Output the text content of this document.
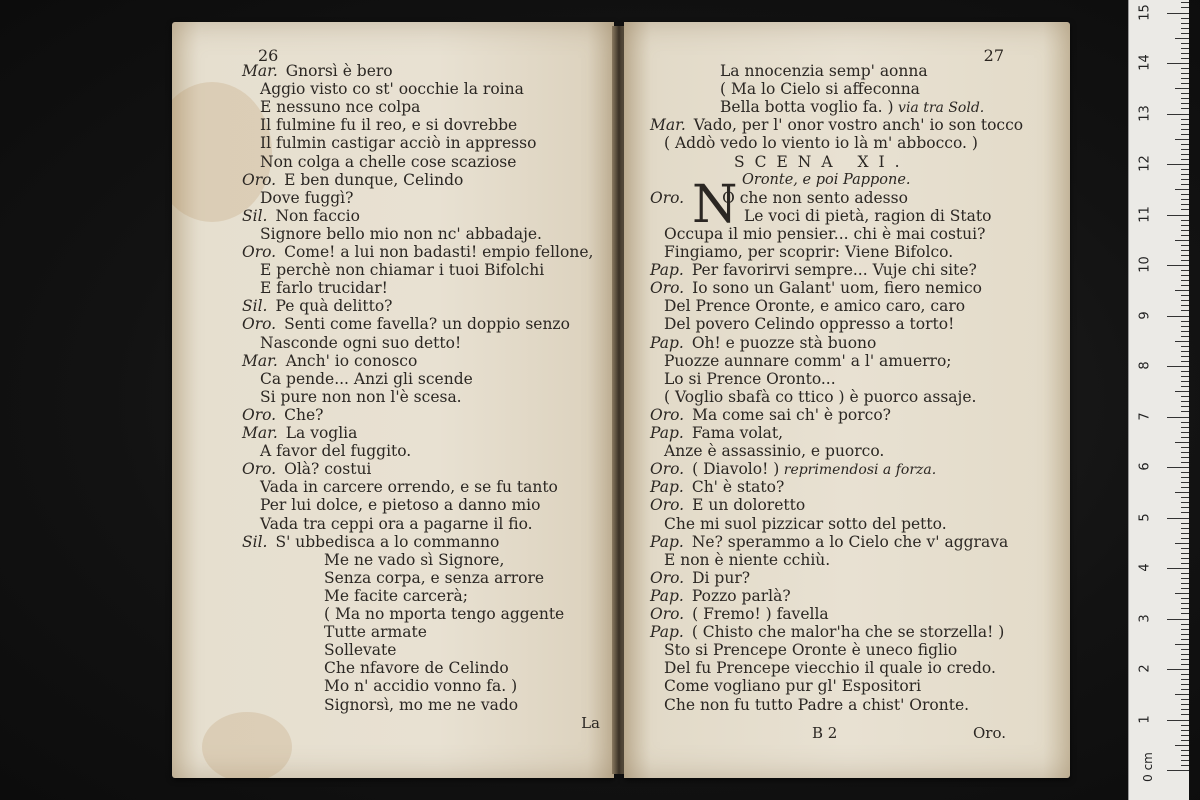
26
Mar. Gnorsì è bero
Aggio visto co st' oocchie la roina
E nessuno nce colpa
Il fulmine fu il reo, e si dovrebbe
Il fulmin castigar acciò in appresso
Non colga a chelle cose scaziose
Oro. E ben dunque, Celindo
Dove fuggì?
Sil. Non faccio
Signore bello mio non nc' abbadaje.
Oro. Come! a lui non badasti! empio fellone,
E perchè non chiamar i tuoi Bifolchi
E farlo trucidar!
Sil. Pe quà delitto?
Oro. Senti come favella? un doppio senzo
Nasconde ogni suo detto!
Mar. Anch' io conosco
Ca pende... Anzi gli scende
Si pure non non l'è scesa.
Oro. Che?
Mar. La voglia
A favor del fuggito.
Oro. Olà? costui
Vada in carcere orrendo, e se fu tanto
Per lui dolce, e pietoso a danno mio
Vada tra ceppi ora a pagarne il fio.
Sil. S' ubbedisca a lo commanno
Me ne vado sì Signore,
Senza corpa, e senza arrore
Me facite carcerà;
( Ma no mporta tengo aggente
Tutte armate
Sollevate
Che nfavore de Celindo
Mo n' accidio vonno fa. )
Signorsì, mo me ne vado
La
27
La nnocenzia semp' aonna
( Ma lo Cielo si affeconna
Bella botta voglio fa. ) via tra Sold.
Mar. Vado, per l' onor vostro anch' io son tocco
( Addò vedo lo viento io là m' abbocco. )
SCENA XI.
Oronte, e poi Pappone.
Oro. N
O che non sento adesso
Le voci di pietà, ragion di Stato
Occupa il mio pensier... chi è mai costui?
Fingiamo, per scoprir: Viene Bifolco.
Pap. Per favorirvi sempre... Vuje chi site?
Oro. Io sono un Galant' uom, fiero nemico
Del Prence Oronte, e amico caro, caro
Del povero Celindo oppresso a torto!
Pap. Oh! e puozze stà buono
Puozze aunnare comm' a l' amuerro;
Lo si Prence Oronto...
( Voglio sbafà co ttico ) è puorco assaje.
Oro. Ma come sai ch' è porco?
Pap. Fama volat,
Anze è assassinio, e puorco.
Oro. ( Diavolo! ) reprimendosi a forza.
Pap. Ch' è stato?
Oro. E un doloretto
Che mi suol pizzicar sotto del petto.
Pap. Ne? sperammo a lo Cielo che v' aggrava
E non è niente cchiù.
Oro. Di pur?
Pap. Pozzo parlà?
Oro. ( Fremo! ) favella
Pap. ( Chisto che malor'ha che se storzella! )
Sto si Prencepe Oronte è uneco figlio
Del fu Prencepe viecchio il quale io credo.
Come vogliano pur gl' Espositori
Che non fu tutto Padre a chist' Oronte.
B 2	Oro.
0 cm
1
2
3
4
5
6
7
8
9
10
11
12
13
14
15
